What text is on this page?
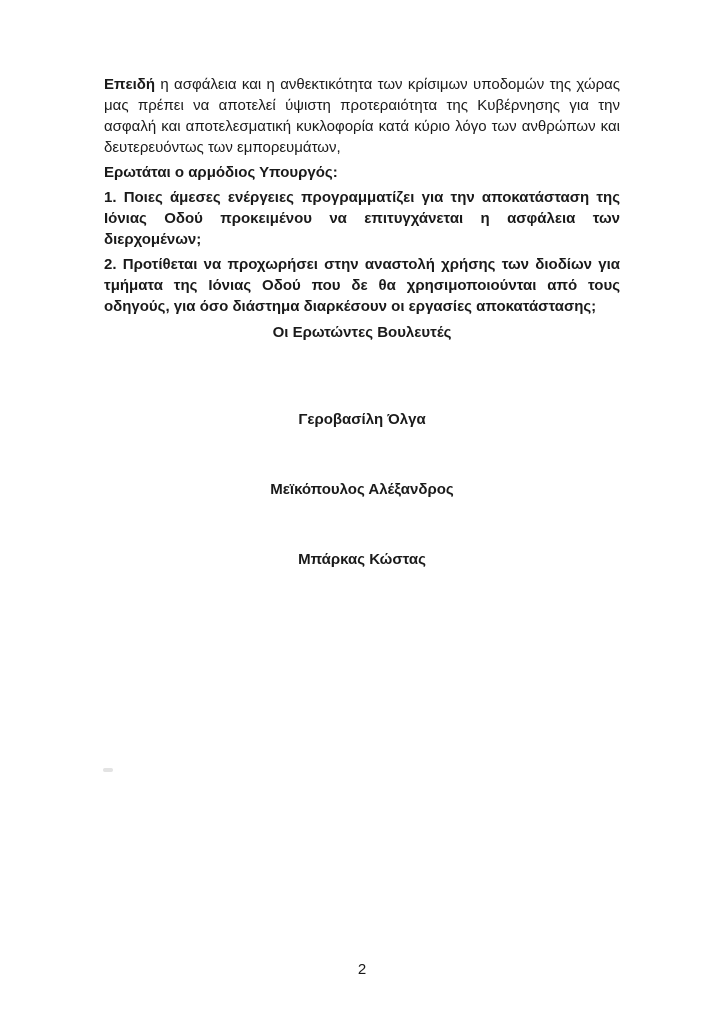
Επειδή η ασφάλεια και η ανθεκτικότητα των κρίσιμων υποδομών της χώρας μας πρέπει να αποτελεί ύψιστη προτεραιότητα της Κυβέρνησης για την ασφαλή και αποτελεσματική κυκλοφορία κατά κύριο λόγο των ανθρώπων και δευτερευόντως των εμπορευμάτων,

Ερωτάται ο αρμόδιος Υπουργός:

1. Ποιες άμεσες ενέργειες προγραμματίζει για την αποκατάσταση της Ιόνιας Οδού προκειμένου να επιτυγχάνεται η ασφάλεια των διερχομένων;

2. Προτίθεται να προχωρήσει στην αναστολή χρήσης των διοδίων για τμήματα της Ιόνιας Οδού που δε θα χρησιμοποιούνται από τους οδηγούς, για όσο διάστημα διαρκέσουν οι εργασίες αποκατάστασης;

Οι Ερωτώντες Βουλευτές

Γεροβασίλη Όλγα

Μεϊκόπουλος Αλέξανδρος

Μπάρκας Κώστας

2
